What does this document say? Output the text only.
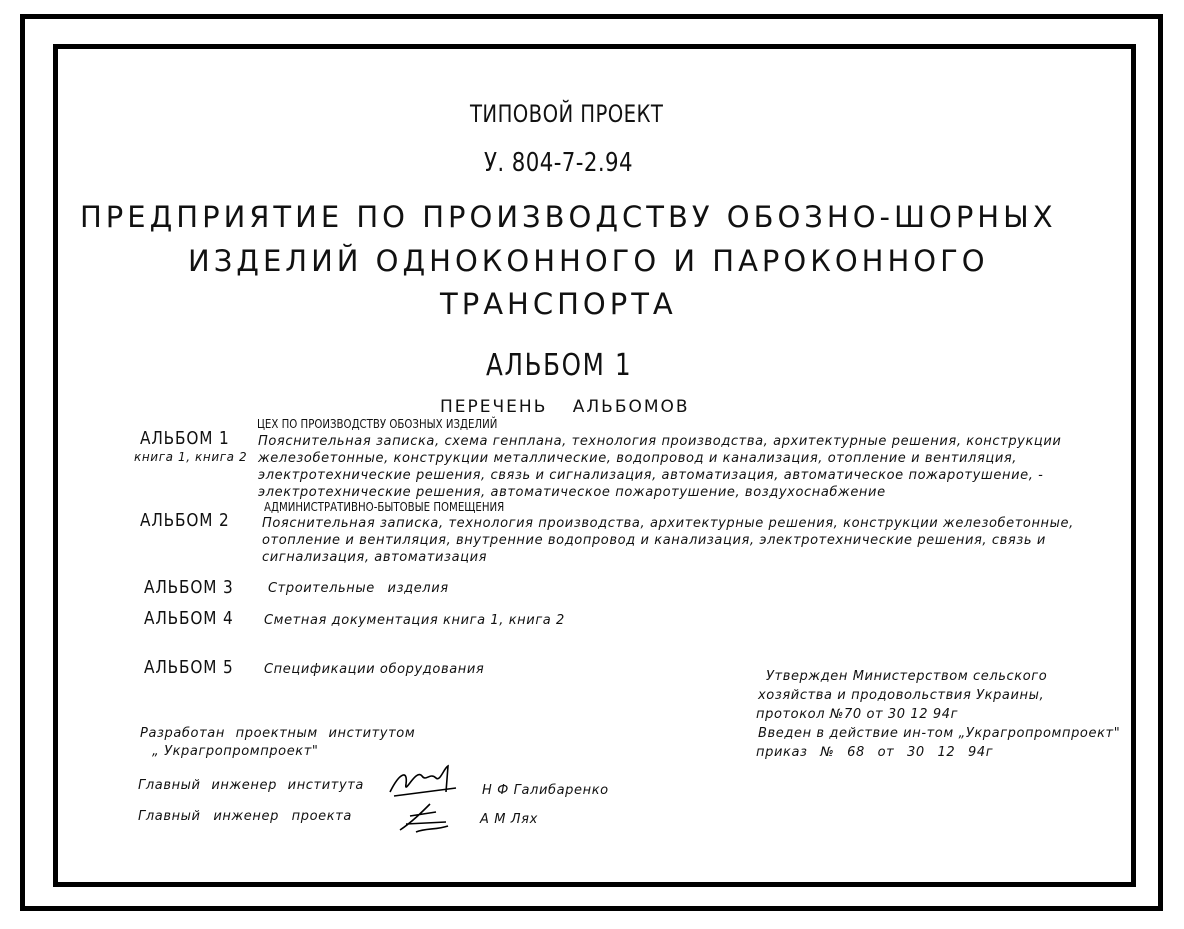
ТИПОВОЙ ПРОЕКТ
У. 804-7-2.94
ПРЕДПРИЯТИЕ ПО ПРОИЗВОДСТВУ ОБОЗНО-ШОРНЫХ
ИЗДЕЛИЙ ОДНОКОННОГО И ПАРОКОННОГО
ТРАНСПОРТА
АЛЬБОМ 1
ПЕРЕЧЕНЬ АЛЬБОМОВ
АЛЬБОМ 1
книга 1, книга 2
ЦЕХ ПО ПРОИЗВОДСТВУ ОБОЗНЫХ ИЗДЕЛИЙ
Пояснительная записка, схема генплана, технология производства, архитектурные решения, конструкции
железобетонные, конструкции металлические, водопровод и канализация, отопление и вентиляция,
электротехнические решения, связь и сигнализация, автоматизация, автоматическое пожаротушение, -
электротехнические решения, автоматическое пожаротушение, воздухоснабжение
АЛЬБОМ 2
АДМИНИСТРАТИВНО-БЫТОВЫЕ ПОМЕЩЕНИЯ
Пояснительная записка, технология производства, архитектурные решения, конструкции железобетонные,
отопление и вентиляция, внутренние водопровод и канализация, электротехнические решения, связь и
сигнализация, автоматизация
АЛЬБОМ 3	Строительные изделия
АЛЬБОМ 4 Сметная документация книга 1, книга 2
АЛЬБОМ 5 Спецификации оборудования	Утвержден Министерством сельского
хозяйства и продовольствия Украины,
протокол №70 от 30 12 94г
Введен в действие ин-том „Украгропромпроект"
приказ № 68 от 30 12 94г
Разработан проектным институтом
„ Украгропромпроект"
Главный инженер института	Н Ф Галибаренко
Главный инженер проекта	А М Лях
